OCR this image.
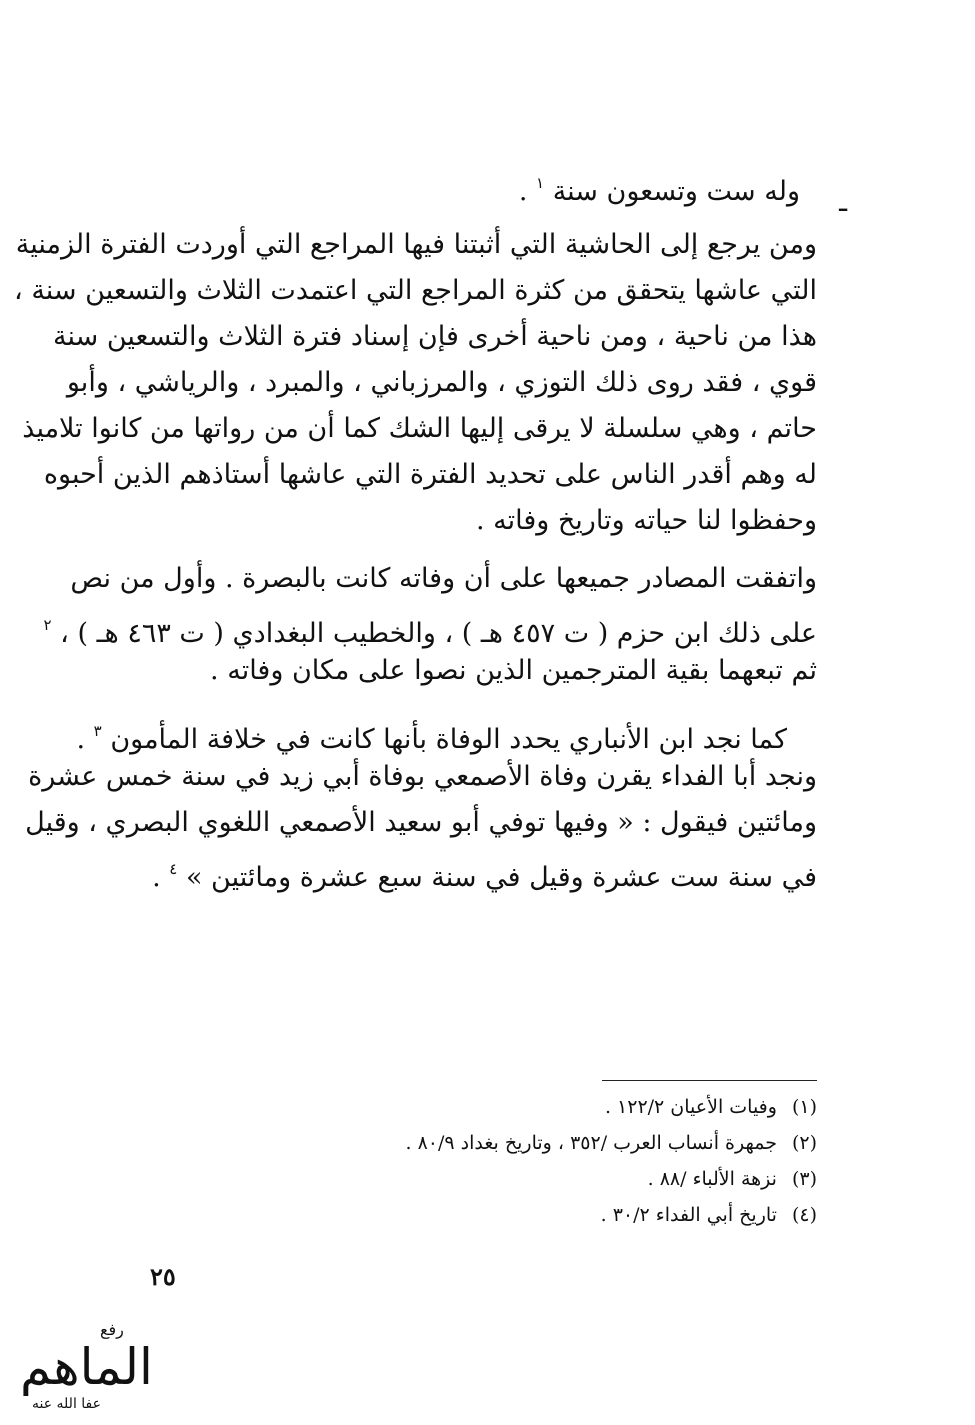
ـ
وله ست وتسعون سنة $^١$ .
ومن يرجع إلى الحاشية التي أثبتنا فيها المراجع التي أوردت الفترة الزمنية
التي عاشها يتحقق من كثرة المراجع التي اعتمدت الثلاث والتسعين سنة ،
هذا من ناحية ، ومن ناحية أخرى فإن إسناد فترة الثلاث والتسعين سنة
قوي ، فقد روى ذلك التوزي ، والمرزباني ، والمبرد ، والرياشي ، وأبو
حاتم ، وهي سلسلة لا يرقى إليها الشك كما أن من رواتها من كانوا تلاميذ
له وهم أقدر الناس على تحديد الفترة التي عاشها أستاذهم الذين أحبوه
وحفظوا لنا حياته وتاريخ وفاته .
واتفقت المصادر جميعها على أن وفاته كانت بالبصرة . وأول من نص
على ذلك ابن حزم ( ت ٤٥٧ هـ ) ، والخطيب البغدادي ( ت ٤٦٣ هـ ) ، $^٢$
ثم تبعهما بقية المترجمين الذين نصوا على مكان وفاته .
كما نجد ابن الأنباري يحدد الوفاة بأنها كانت في خلافة المأمون $^٣$ .
ونجد أبا الفداء يقرن وفاة الأصمعي بوفاة أبي زيد في سنة خمس عشرة
ومائتين فيقول : « وفيها توفي أبو سعيد الأصمعي اللغوي البصري ، وقيل
في سنة ست عشرة وقيل في سنة سبع عشرة ومائتين » $^٤$ .
(١) وفيات الأعيان ١٢٢/٢ .
(٢) جمهرة أنساب العرب /٣٥٢ ، وتاريخ بغداد ٨٠/٩ .
(٣) نزهة الألباء /٨٨ .
(٤) تاريخ أبي الفداء ٣٠/٢ .
٢٥
رفع
الماهم
عفا الله عنه
